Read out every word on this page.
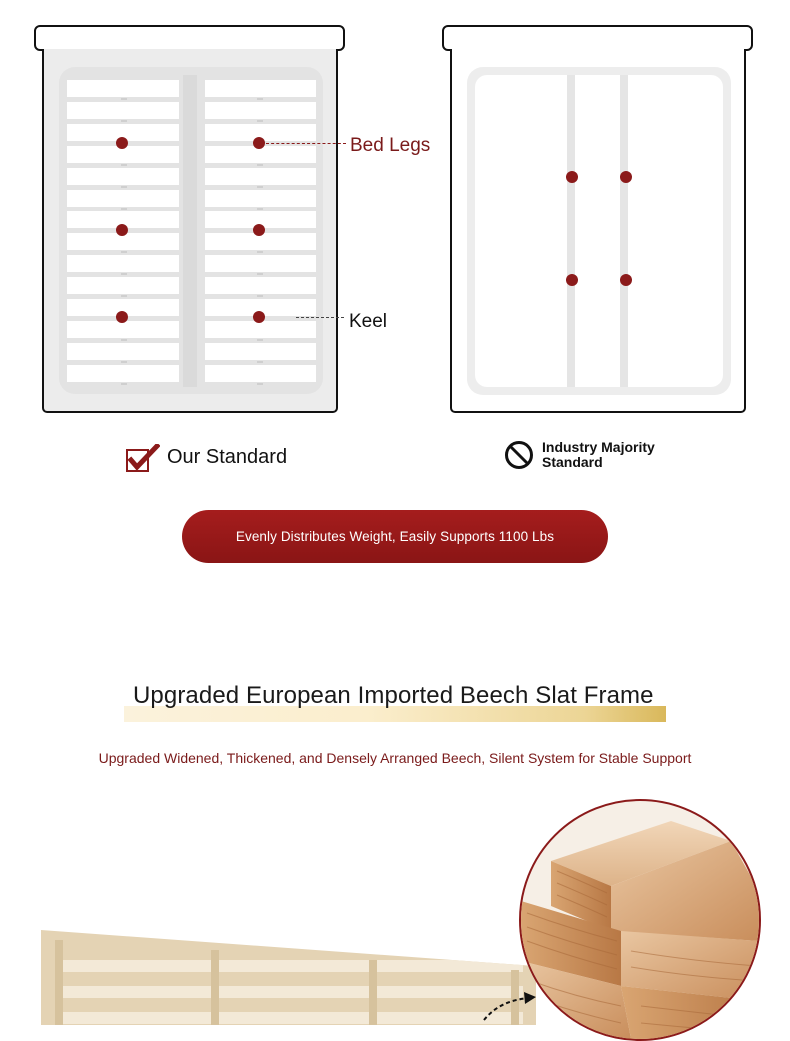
Bed Legs
Keel
Our Standard	Industry Majority
Standard
Evenly Distributes Weight, Easily Supports 1100 Lbs
Upgraded European Imported Beech Slat Frame
Upgraded Widened, Thickened, and Densely Arranged Beech, Silent System for Stable Support
